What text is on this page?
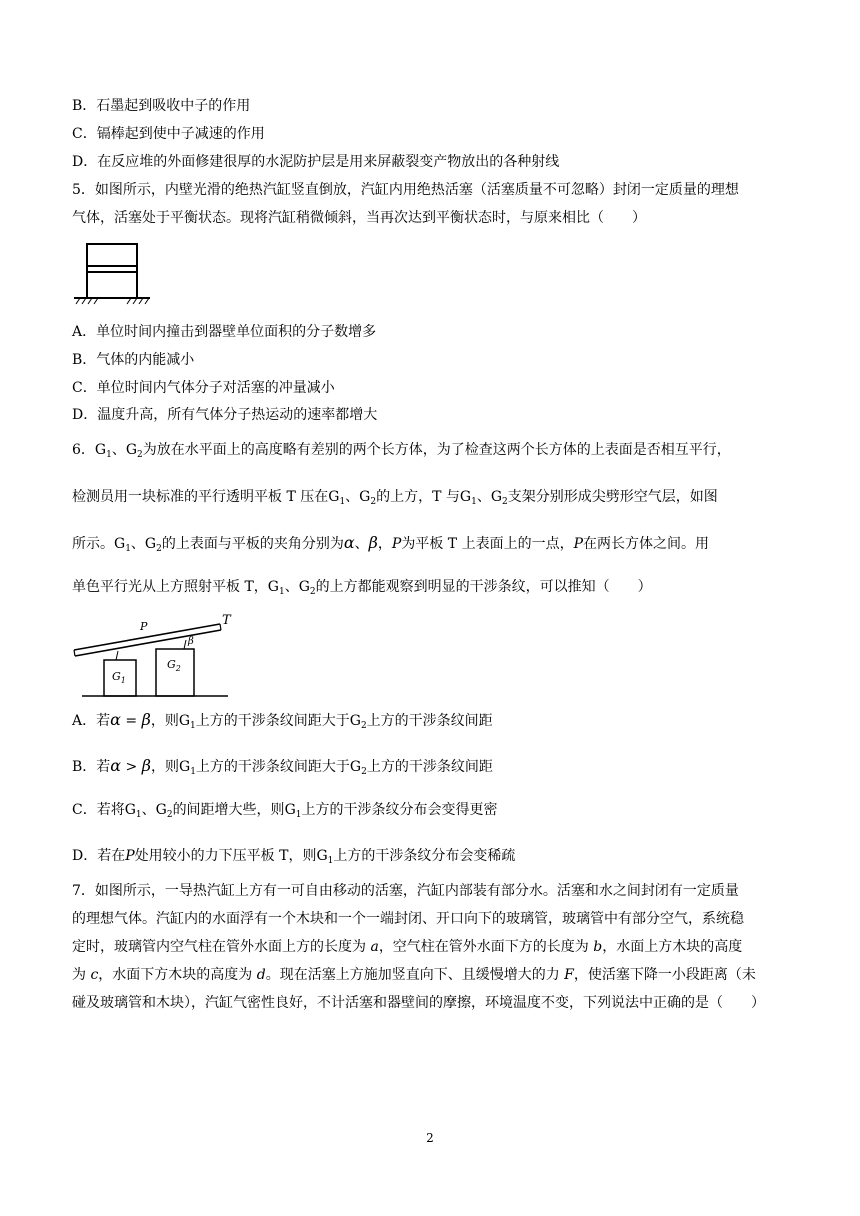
B．石墨起到吸收中子的作用
C．镉棒起到使中子减速的作用
D．在反应堆的外面修建很厚的水泥防护层是用来屏蔽裂变产物放出的各种射线
5．如图所示，内壁光滑的绝热汽缸竖直倒放，汽缸内用绝热活塞（活塞质量不可忽略）封闭一定质量的理想
气体，活塞处于平衡状态。现将汽缸稍微倾斜，当再次达到平衡状态时，与原来相比（　　）
A．单位时间内撞击到器壁单位面积的分子数增多
B．气体的内能减小
C．单位时间内气体分子对活塞的冲量减小
D．温度升高，所有气体分子热运动的速率都增大
6．$G_1$、$G_2$为放在水平面上的高度略有差别的两个长方体，为了检查这两个长方体的上表面是否相互平行，
检测员用一块标准的平行透明平板 T 压在$G_1$、$G_2$的上方，T 与$G_1$、$G_2$支架分别形成尖劈形空气层，如图
所示。$G_1$、$G_2$的上表面与平板的夹角分别为α、β，P为平板 T 上表面上的一点，P在两长方体之间。用
单色平行光从上方照射平板 T，$G_1$、$G_2$的上方都能观察到明显的干涉条纹，可以推知（　　）
T
P
β
$G_1$
$G_2$
A．若α = β，则$G_1$上方的干涉条纹间距大于$G_2$上方的干涉条纹间距
B．若α > β，则$G_1$上方的干涉条纹间距大于$G_2$上方的干涉条纹间距
C．若将$G_1$、$G_2$的间距增大些，则$G_1$上方的干涉条纹分布会变得更密
D．若在P处用较小的力下压平板 T，则$G_1$上方的干涉条纹分布会变稀疏
7．如图所示，一导热汽缸上方有一可自由移动的活塞，汽缸内部装有部分水。活塞和水之间封闭有一定质量
的理想气体。汽缸内的水面浮有一个木块和一个一端封闭、开口向下的玻璃管，玻璃管中有部分空气，系统稳
定时，玻璃管内空气柱在管外水面上方的长度为 a，空气柱在管外水面下方的长度为 b，水面上方木块的高度
为 c，水面下方木块的高度为 d。现在活塞上方施加竖直向下、且缓慢增大的力 F，使活塞下降一小段距离（未
碰及玻璃管和木块），汽缸气密性良好，不计活塞和器壁间的摩擦，环境温度不变，下列说法中正确的是（　　）
2
